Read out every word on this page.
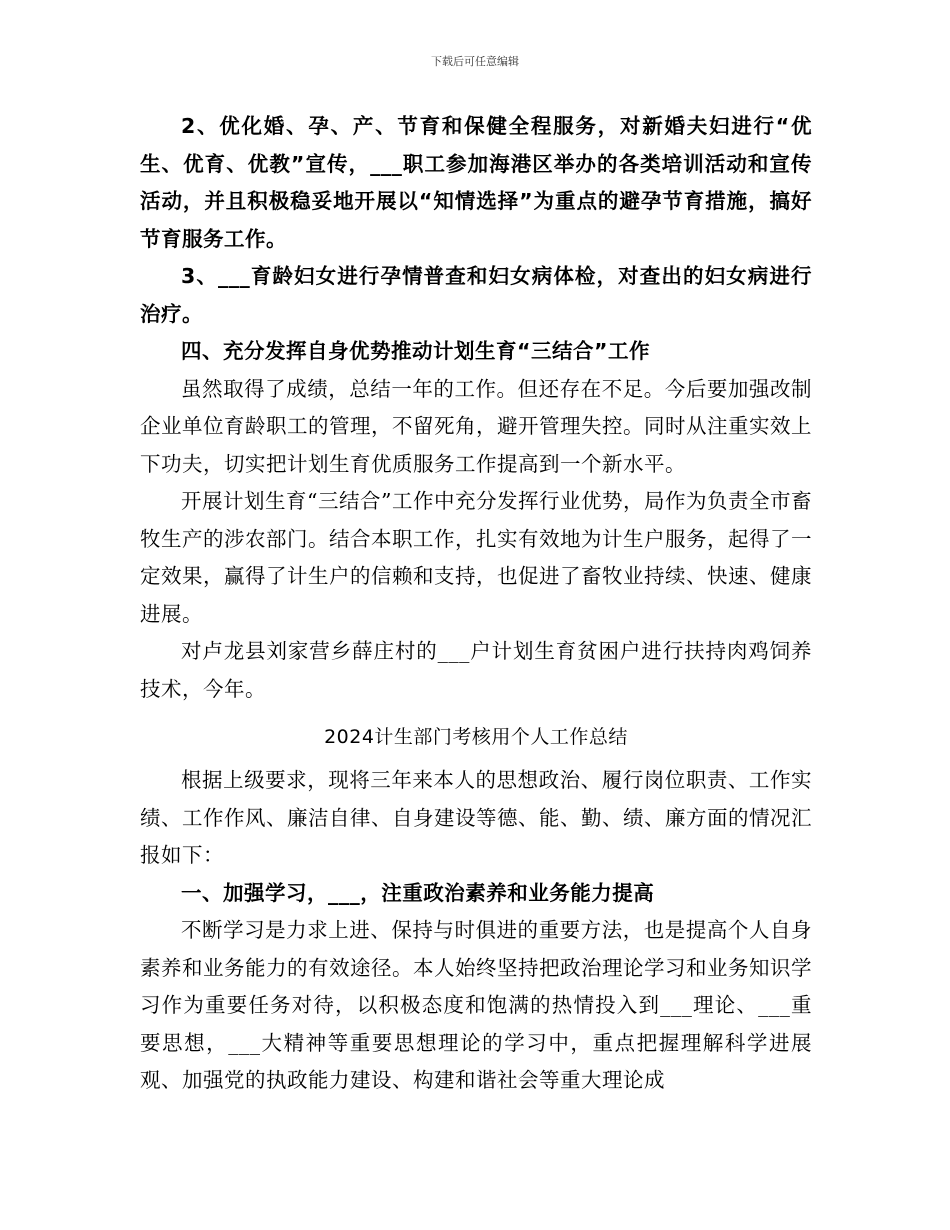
下载后可任意编辑

2、优化婚、孕、产、节育和保健全程服务，对新婚夫妇进行“优生、优育、优教”宣传，___职工参加海港区举办的各类培训活动和宣传活动，并且积极稳妥地开展以“知情选择”为重点的避孕节育措施，搞好节育服务工作。

3、___育龄妇女进行孕情普查和妇女病体检，对查出的妇女病进行治疗。

四、充分发挥自身优势推动计划生育“三结合”工作

虽然取得了成绩，总结一年的工作。但还存在不足。今后要加强改制企业单位育龄职工的管理，不留死角，避开管理失控。同时从注重实效上下功夫，切实把计划生育优质服务工作提高到一个新水平。

开展计划生育“三结合”工作中充分发挥行业优势，局作为负责全市畜牧生产的涉农部门。结合本职工作，扎实有效地为计生户服务，起得了一定效果，赢得了计生户的信赖和支持，也促进了畜牧业持续、快速、健康进展。

对卢龙县刘家营乡薛庄村的___户计划生育贫困户进行扶持肉鸡饲养技术，今年。

2024计生部门考核用个人工作总结

根据上级要求，现将三年来本人的思想政治、履行岗位职责、工作实绩、工作作风、廉洁自律、自身建设等德、能、勤、绩、廉方面的情况汇报如下：

一、加强学习，___，注重政治素养和业务能力提高

不断学习是力求上进、保持与时俱进的重要方法，也是提高个人自身素养和业务能力的有效途径。本人始终坚持把政治理论学习和业务知识学习作为重要任务对待，以积极态度和饱满的热情投入到___理论、___重要思想，___大精神等重要思想理论的学习中，重点把握理解科学进展观、加强党的执政能力建设、构建和谐社会等重大理论成
